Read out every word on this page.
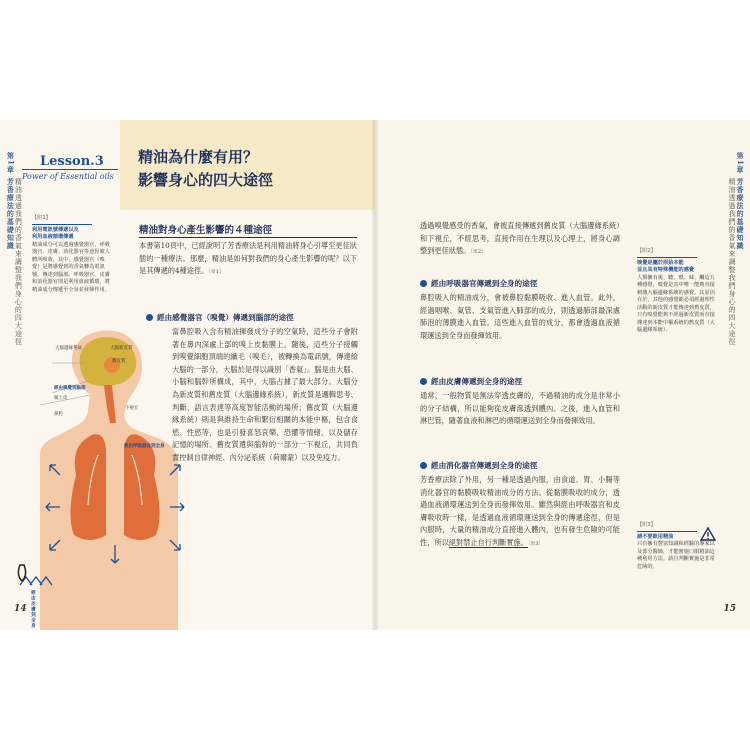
第1章
芳香療法的基礎知識 精油透過我們的香氣來調整我們身心的四大途徑
Lesson.3
Power of Essential oils
精油為什麼有用？
影響身心的四大途徑
【附1】
利用電訊號傳遞以及
利用血液循環傳遞
精油成分可以透過感覺器官、呼吸器官、皮膚、消化器官等途徑被人體所吸收，其中，感覺器官（嗅覺）是將感覺到的香氣轉為電訊號，傳達到腦部。呼吸器官、皮膚和消化器官則是利用血液循環，將精油成分傳遞至全身並發揮作用。
精油對身心產生影響的４種途徑
本書第10頁中，已經說明了芳香療法是利用精油將身心引導至更佳狀態的一種療法。那麼，精油是如何對我們的身心產生影響的呢？以下是其傳遞的4種途徑。〔※1〕
經由感覺器官（嗅覺）傳遞到腦部的途徑
大腦邊緣系統	大腦新皮質
舊皮質
經由嗅覺到腦部
嗅上皮
鼻腔
下視丘
經由呼吸器官到全身
經由皮膚到全身
當鼻腔吸入含有精油揮發成分子的空氣時，這些分子會附著在鼻內深處上部的嗅上皮黏膜上。隨後，這些分子接觸到嗅覺細胞頂端的纖毛（嗅毛），被轉換為電訊號，傳達給大腦的一部分，大腦於是得以識別「香氣」。腦是由大腦、小腦和腦幹所構成，其中，大腦占據了最大部分。大腦分為新皮質和舊皮質（大腦邊緣系統），新皮質是邏輯思考、判斷、語言表達等高度智能活動的場所；舊皮質（大腦邊緣系統）則是與維持生命和繁衍相關的本能中樞，包含食慾、性慾等，也是引發喜怒哀樂、恐懼等情緒，以及儲存記憶的場所。舊皮質遺與腦幹的一部分一下視丘，共同負責控制自律神經、內分泌系統（荷爾蒙）以及免疫力。
14
第1章
芳香療法的基礎知識
精油透過我們的香氣來調整我們身心的四大途徑
透過嗅覺感受的香氣，會被直接傳遞到舊皮質（大腦邊緣系統）和下視丘，不經思考，直接作用在生理以及心理上，將身心調整到更佳狀態。〔※2〕
經由呼吸器官傳遞到全身的途徑
鼻腔吸入的精油成分，會被鼻腔黏膜吸收、進入血管。此外，經過咽喉、氣管、支氣管進入肺部的成分，則透過肺部最深處肺泡的薄膜進入血管。這些進入血管的成分，都會透過血液循環運送到全身而發揮效用。
經由皮膚傳遞到全身的途徑
通常，一般物質是無法穿透皮膚的，不過精油的成分是非常小的分子結構，所以能夠從皮膚滲透到體內。之後，進入血管和淋巴管，隨著血液和淋巴的循環運送到全身而發揮效用。
經由消化器官傳遞到全身的途徑
芳香療法除了外用，另一種是透過內服，由食道、胃、小腸等消化器官的黏膜吸收精油成分的方法。從黏膜吸收的成分，透過血液循環運送到全身而發揮效用。雖然與經由呼吸器官和皮膚吸收時一樣，是透過血液循環運送到全身的傳遞途徑，但是內服時，大量的精油成分直接進入體內，也有發生危險的可能性，所以絕對禁止自行判斷實施。〔※3〕
【附2】
嗅覺是屬於原始本能
並且具有特殊機能的感覺
人類擁有視、聽、嗅、味、觸這五種感覺，嗅覺是其中唯一能夠直接刺激大腦邊緣系統的感覺。其原因在於，其他的感覺都必須經過理性活動的新皮質才能傳達到舊皮質，只有嗅覺能夠不經過新皮質而直接傳達到本能中樞系統的舊皮質（大腦邊緣系統）。
【附3】
請不要飲用精油
只有擁有豐富知識和經驗的專家以及部分醫師，才能實施口服精油這種利用方法。請自判斷實施是非常危險的。
15
